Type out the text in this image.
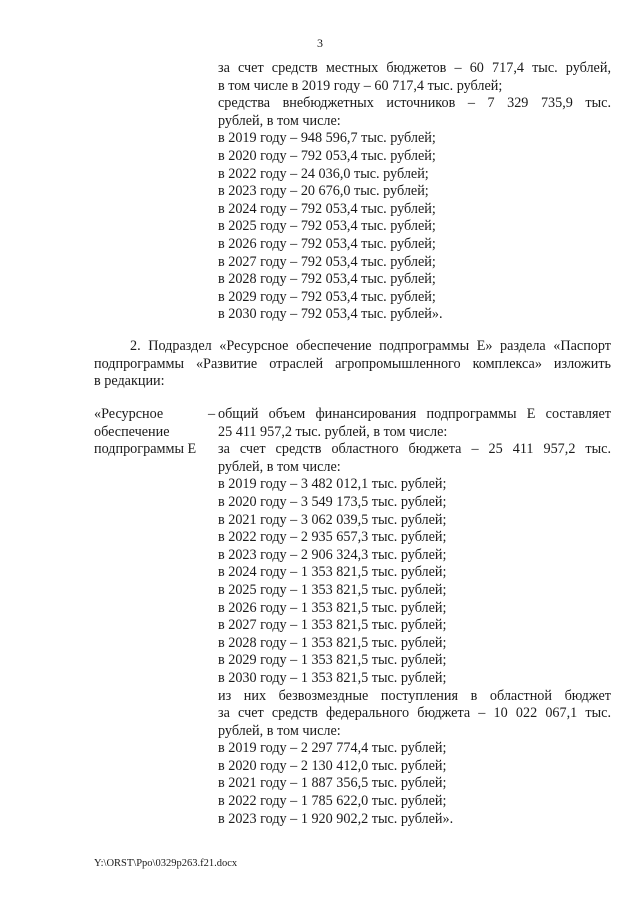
3
за счет средств местных бюджетов – 60 717,4 тыс. рублей,
в том числе в 2019 году – 60 717,4 тыс. рублей;
средства внебюджетных источников – 7 329 735,9 тыс.
рублей, в том числе:
в 2019 году – 948 596,7 тыс. рублей;
в 2020 году – 792 053,4 тыс. рублей;
в 2022 году – 24 036,0 тыс. рублей;
в 2023 году – 20 676,0 тыс. рублей;
в 2024 году – 792 053,4 тыс. рублей;
в 2025 году – 792 053,4 тыс. рублей;
в 2026 году – 792 053,4 тыс. рублей;
в 2027 году – 792 053,4 тыс. рублей;
в 2028 году – 792 053,4 тыс. рублей;
в 2029 году – 792 053,4 тыс. рублей;
в 2030 году – 792 053,4 тыс. рублей».
2. Подраздел «Ресурсное обеспечение подпрограммы Е» раздела «Паспорт
подпрограммы «Развитие отраслей агропромышленного комплекса» изложить
в редакции:
«Ресурсное
обеспечение
подпрограммы Е
– общий объем финансирования подпрограммы Е составляет
25 411 957,2 тыс. рублей, в том числе:
за счет средств областного бюджета – 25 411 957,2 тыс.
рублей, в том числе:
в 2019 году – 3 482 012,1 тыс. рублей;
в 2020 году – 3 549 173,5 тыс. рублей;
в 2021 году – 3 062 039,5 тыс. рублей;
в 2022 году – 2 935 657,3 тыс. рублей;
в 2023 году – 2 906 324,3 тыс. рублей;
в 2024 году – 1 353 821,5 тыс. рублей;
в 2025 году – 1 353 821,5 тыс. рублей;
в 2026 году – 1 353 821,5 тыс. рублей;
в 2027 году – 1 353 821,5 тыс. рублей;
в 2028 году – 1 353 821,5 тыс. рублей;
в 2029 году – 1 353 821,5 тыс. рублей;
в 2030 году – 1 353 821,5 тыс. рублей;
из них безвозмездные поступления в областной бюджет
за счет средств федерального бюджета – 10 022 067,1 тыс.
рублей, в том числе:
в 2019 году – 2 297 774,4 тыс. рублей;
в 2020 году – 2 130 412,0 тыс. рублей;
в 2021 году – 1 887 356,5 тыс. рублей;
в 2022 году – 1 785 622,0 тыс. рублей;
в 2023 году – 1 920 902,2 тыс. рублей».
Y:\ORST\Ppo\0329p263.f21.docx
